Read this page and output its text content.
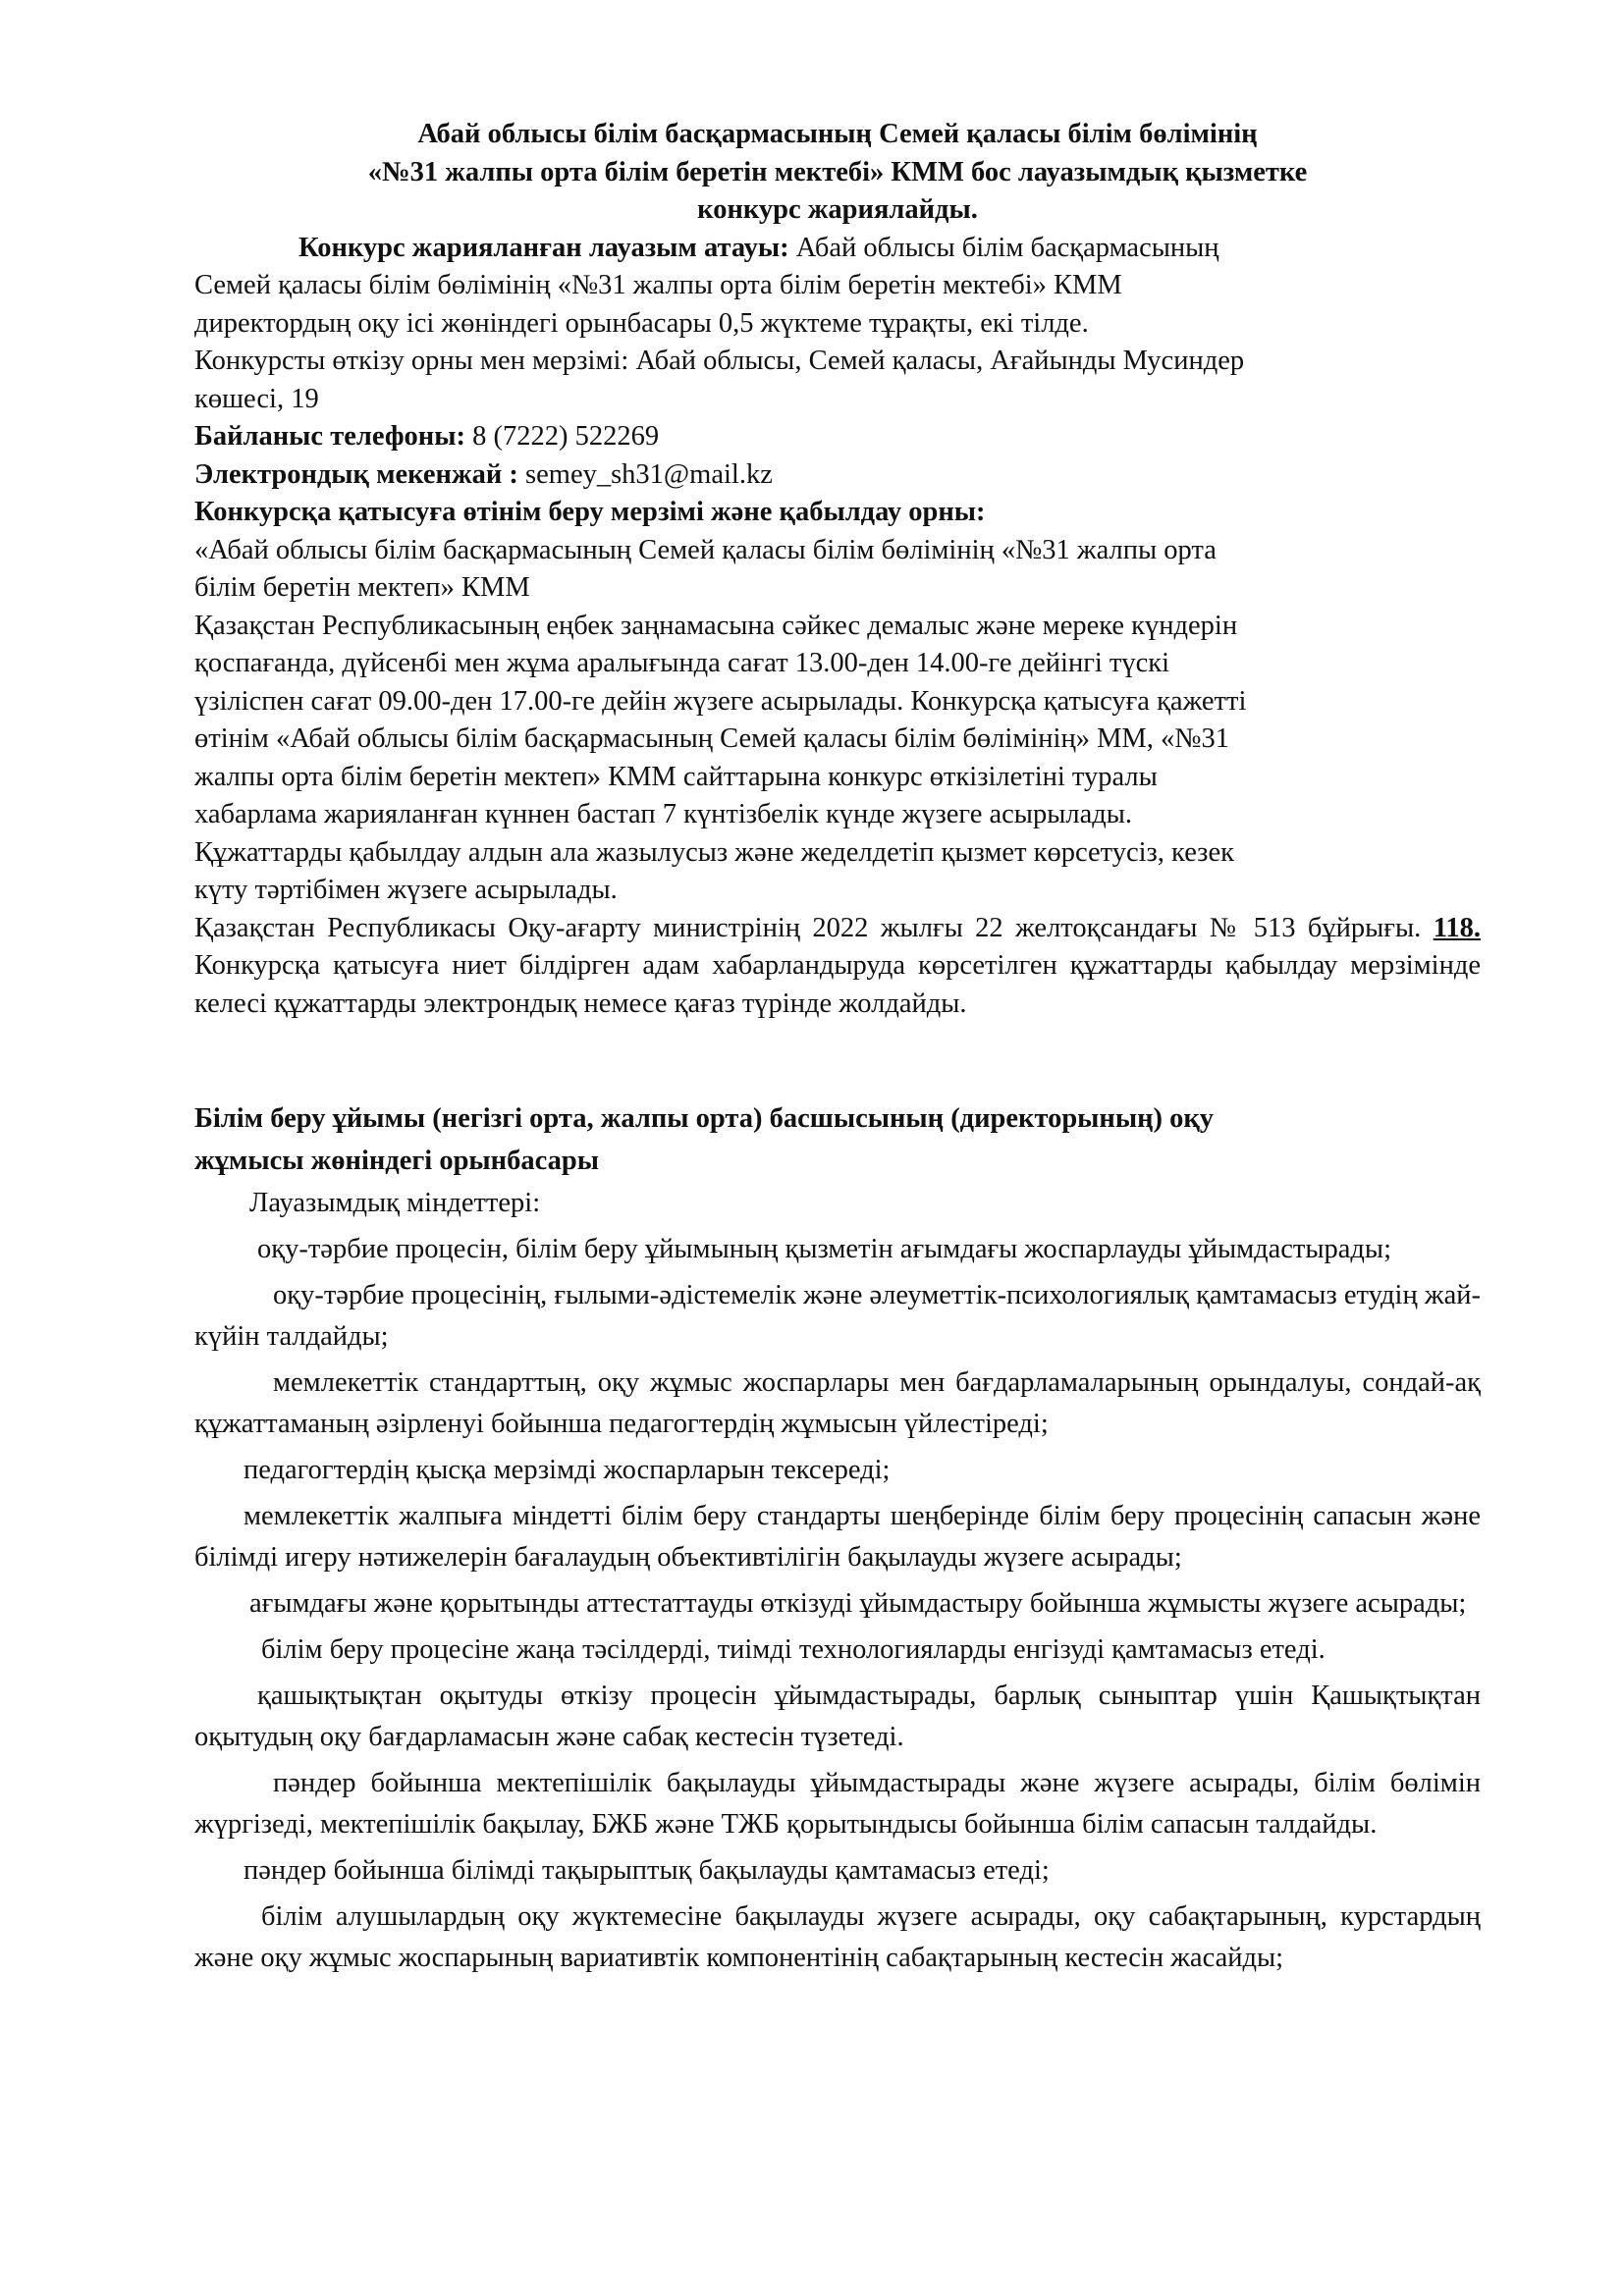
Абай облысы білім басқармасының Семей қаласы білім бөлімінің

«№31 жалпы орта білім беретін мектебі» КММ бос лауазымдық қызметке

конкурс жариялайды.

Конкурс жарияланған лауазым атауы: Абай облысы білім басқармасының

Семей қаласы білім бөлімінің «№31 жалпы орта білім беретін мектебі» КММ

директордың оқу ісі жөніндегі орынбасары 0,5 жүктеме тұрақты, екі тілде.

Конкурсты өткізу орны мен мерзімі: Абай облысы, Семей қаласы, Ағайынды Мусиндер

көшесі, 19

Байланыс телефоны: 8 (7222) 522269

Электрондық мекенжай : semey_sh31@mail.kz

Конкурсқа қатысуға өтінім беру мерзімі және қабылдау орны:

«Абай облысы білім басқармасының Семей қаласы білім бөлімінің «№31 жалпы орта

білім беретін мектеп» КММ

Қазақстан Республикасының еңбек заңнамасына сәйкес демалыс және мереке күндерін

қоспағанда, дүйсенбі мен жұма аралығында сағат 13.00-ден 14.00-ге дейінгі түскі

үзіліспен сағат 09.00-ден 17.00-ге дейін жүзеге асырылады. Конкурсқа қатысуға қажетті

өтінім «Абай облысы білім басқармасының Семей қаласы білім бөлімінің» ММ, «№31

жалпы орта білім беретін мектеп» КММ сайттарына конкурс өткізілетіні туралы

хабарлама жарияланған күннен бастап 7 күнтізбелік күнде жүзеге асырылады.

Құжаттарды қабылдау алдын ала жазылусыз және жеделдетіп қызмет көрсетусіз, кезек

күту тәртібімен жүзеге асырылады.

Қазақстан Республикасы Оқу-ағарту министрінің 2022 жылғы 22 желтоқсандағы № 513 бұйрығы. 118. Конкурсқа қатысуға ниет білдірген адам хабарландыруда көрсетілген құжаттарды қабылдау мерзімінде келесі құжаттарды электрондық немесе қағаз түрінде жолдайды.

Білім беру ұйымы (негізгі орта, жалпы орта) басшысының (директорының) оқу

жұмысы жөніндегі орынбасары

Лауазымдық міндеттері:

оқу-тәрбие процесін, білім беру ұйымының қызметін ағымдағы жоспарлауды ұйымдастырады;

оқу-тәрбие процесінің, ғылыми-әдістемелік және әлеуметтік-психологиялық қамтамасыз етудің жай-күйін талдайды;

мемлекеттік стандарттың, оқу жұмыс жоспарлары мен бағдарламаларының орындалуы, сондай-ақ құжаттаманың әзірленуі бойынша педагогтердің жұмысын үйлестіреді;

педагогтердің қысқа мерзімді жоспарларын тексереді;

мемлекеттік жалпыға міндетті білім беру стандарты шеңберінде білім беру процесінің сапасын және білімді игеру нәтижелерін бағалаудың объективтілігін бақылауды жүзеге асырады;

ағымдағы және қорытынды аттестаттауды өткізуді ұйымдастыру бойынша жұмысты жүзеге асырады;

білім беру процесіне жаңа тәсілдерді, тиімді технологияларды енгізуді қамтамасыз етеді.

қашықтықтан оқытуды өткізу процесін ұйымдастырады, барлық сыныптар үшін Қашықтықтан оқытудың оқу бағдарламасын және сабақ кестесін түзетеді.

пәндер бойынша мектепішілік бақылауды ұйымдастырады және жүзеге асырады, білім бөлімін жүргізеді, мектепішілік бақылау, БЖБ және ТЖБ қорытындысы бойынша білім сапасын талдайды.

пәндер бойынша білімді тақырыптық бақылауды қамтамасыз етеді;

білім алушылардың оқу жүктемесіне бақылауды жүзеге асырады, оқу сабақтарының, курстардың және оқу жұмыс жоспарының вариативтік компонентінің сабақтарының кестесін жасайды;
